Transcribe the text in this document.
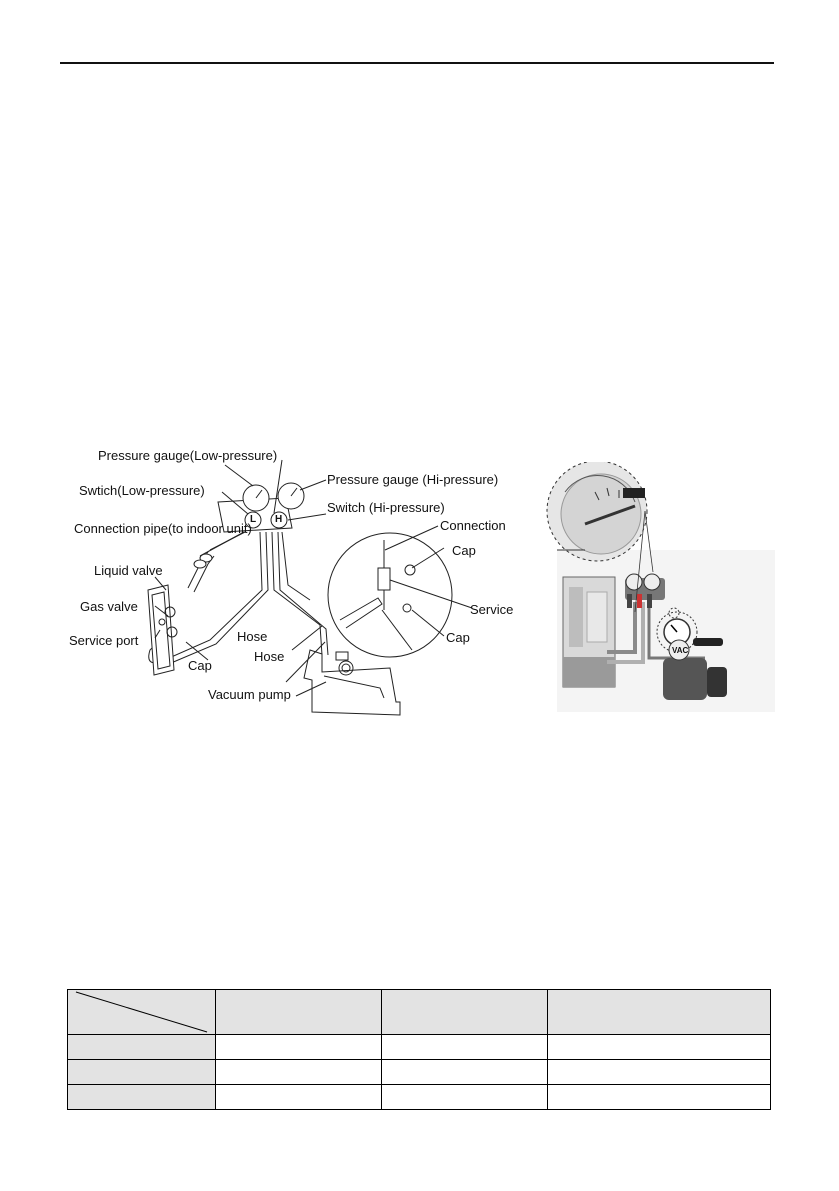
Pressure gauge(Low-pressure)
Pressure gauge (Hi-pressure)
Swtich(Low-pressure)
Switch (Hi-pressure)
Connection pipe(to indoor unit)	Connection
Cap
Liquid valve
Gas valve	Service
Service port	Hose	Cap
Cap
Hose
Vacuum pump
L H
VAC
